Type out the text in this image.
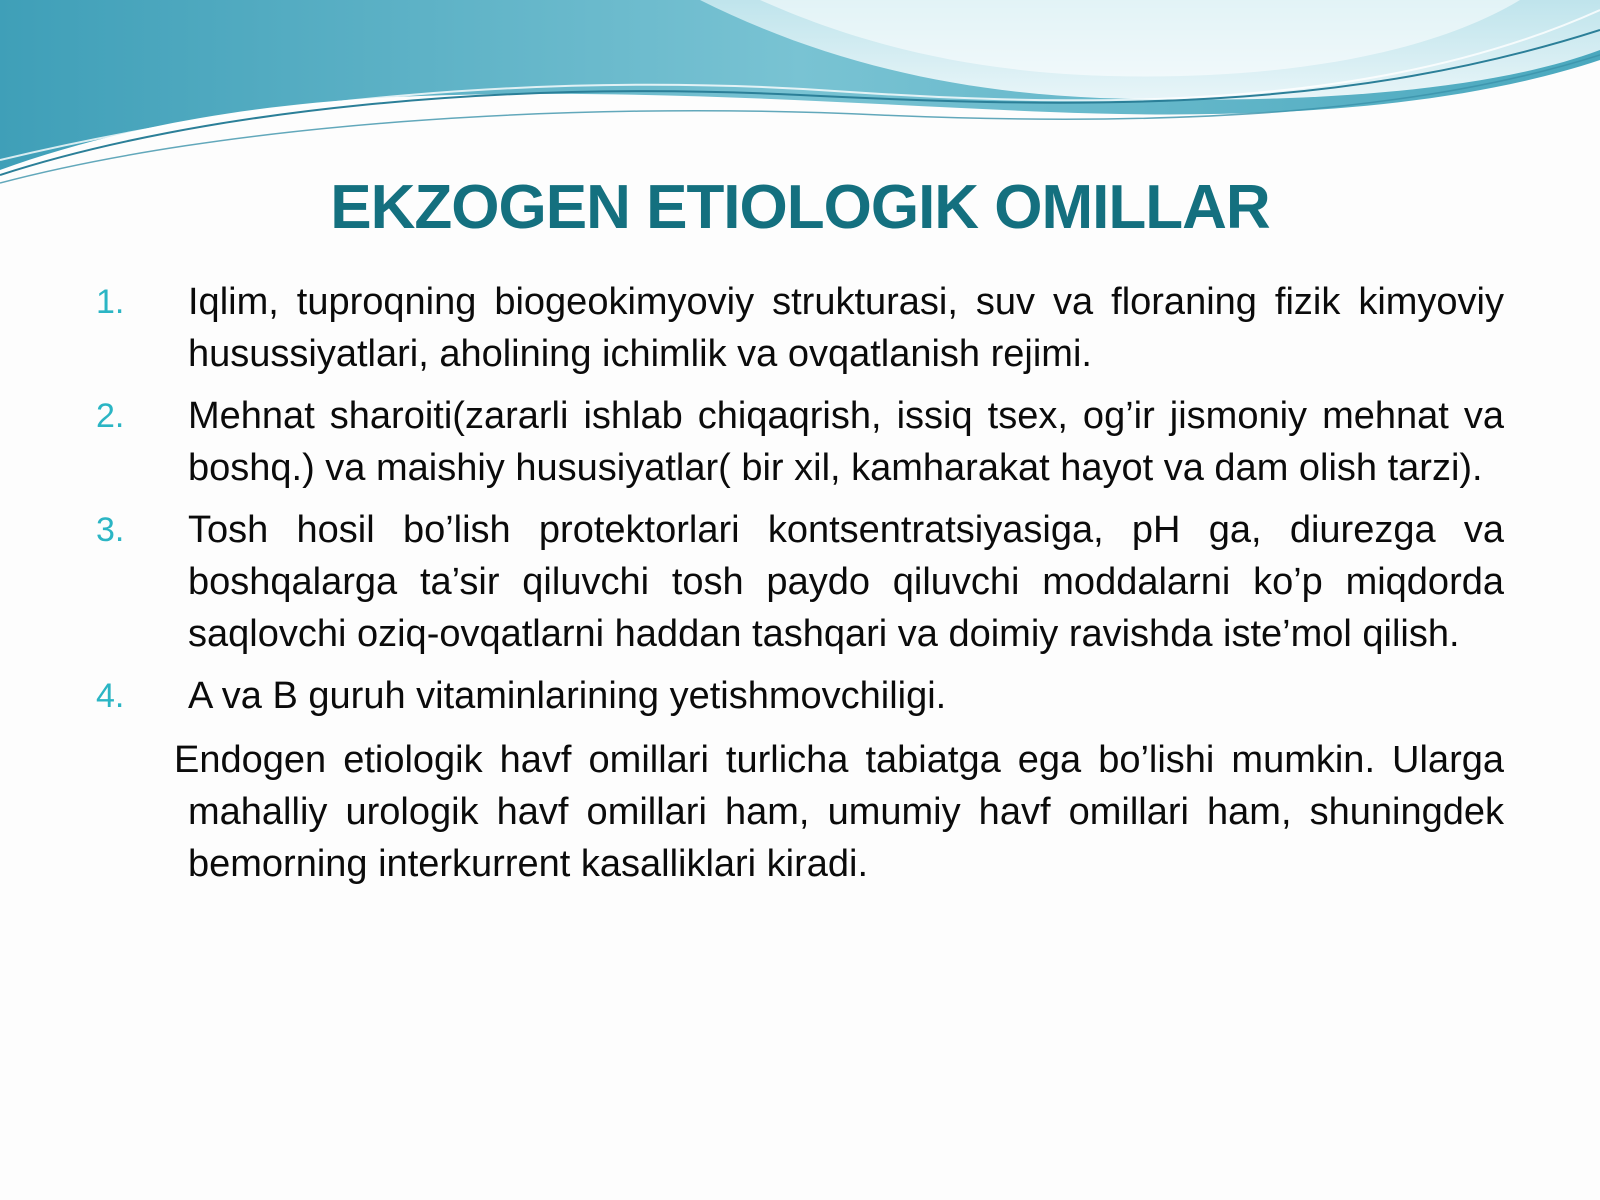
EKZOGEN ETIOLOGIK OMILLAR
1. Iqlim, tuproqning biogeokimyoviy strukturasi, suv va floraning fizik kimyoviy husussiyatlari, aholining ichimlik va ovqatlanish rejimi.
2. Mehnat sharoiti(zararli ishlab chiqaqrish, issiq tsex, og’ir jismoniy mehnat va boshq.) va maishiy hususiyatlar( bir xil, kamharakat hayot va dam olish tarzi).
3. Tosh hosil bo’lish protektorlari kontsentratsiyasiga, pH ga, diurezga va boshqalarga ta’sir qiluvchi tosh paydo qiluvchi moddalarni ko’p miqdorda saqlovchi oziq-ovqatlarni haddan tashqari va doimiy ravishda iste’mol qilish.
4. A va B guruh vitaminlarining yetishmovchiligi.
Endogen etiologik havf omillari turlicha tabiatga ega bo’lishi mumkin. Ularga mahalliy urologik havf omillari ham, umumiy havf omillari ham, shuningdek bemorning interkurrent kasalliklari kiradi.
